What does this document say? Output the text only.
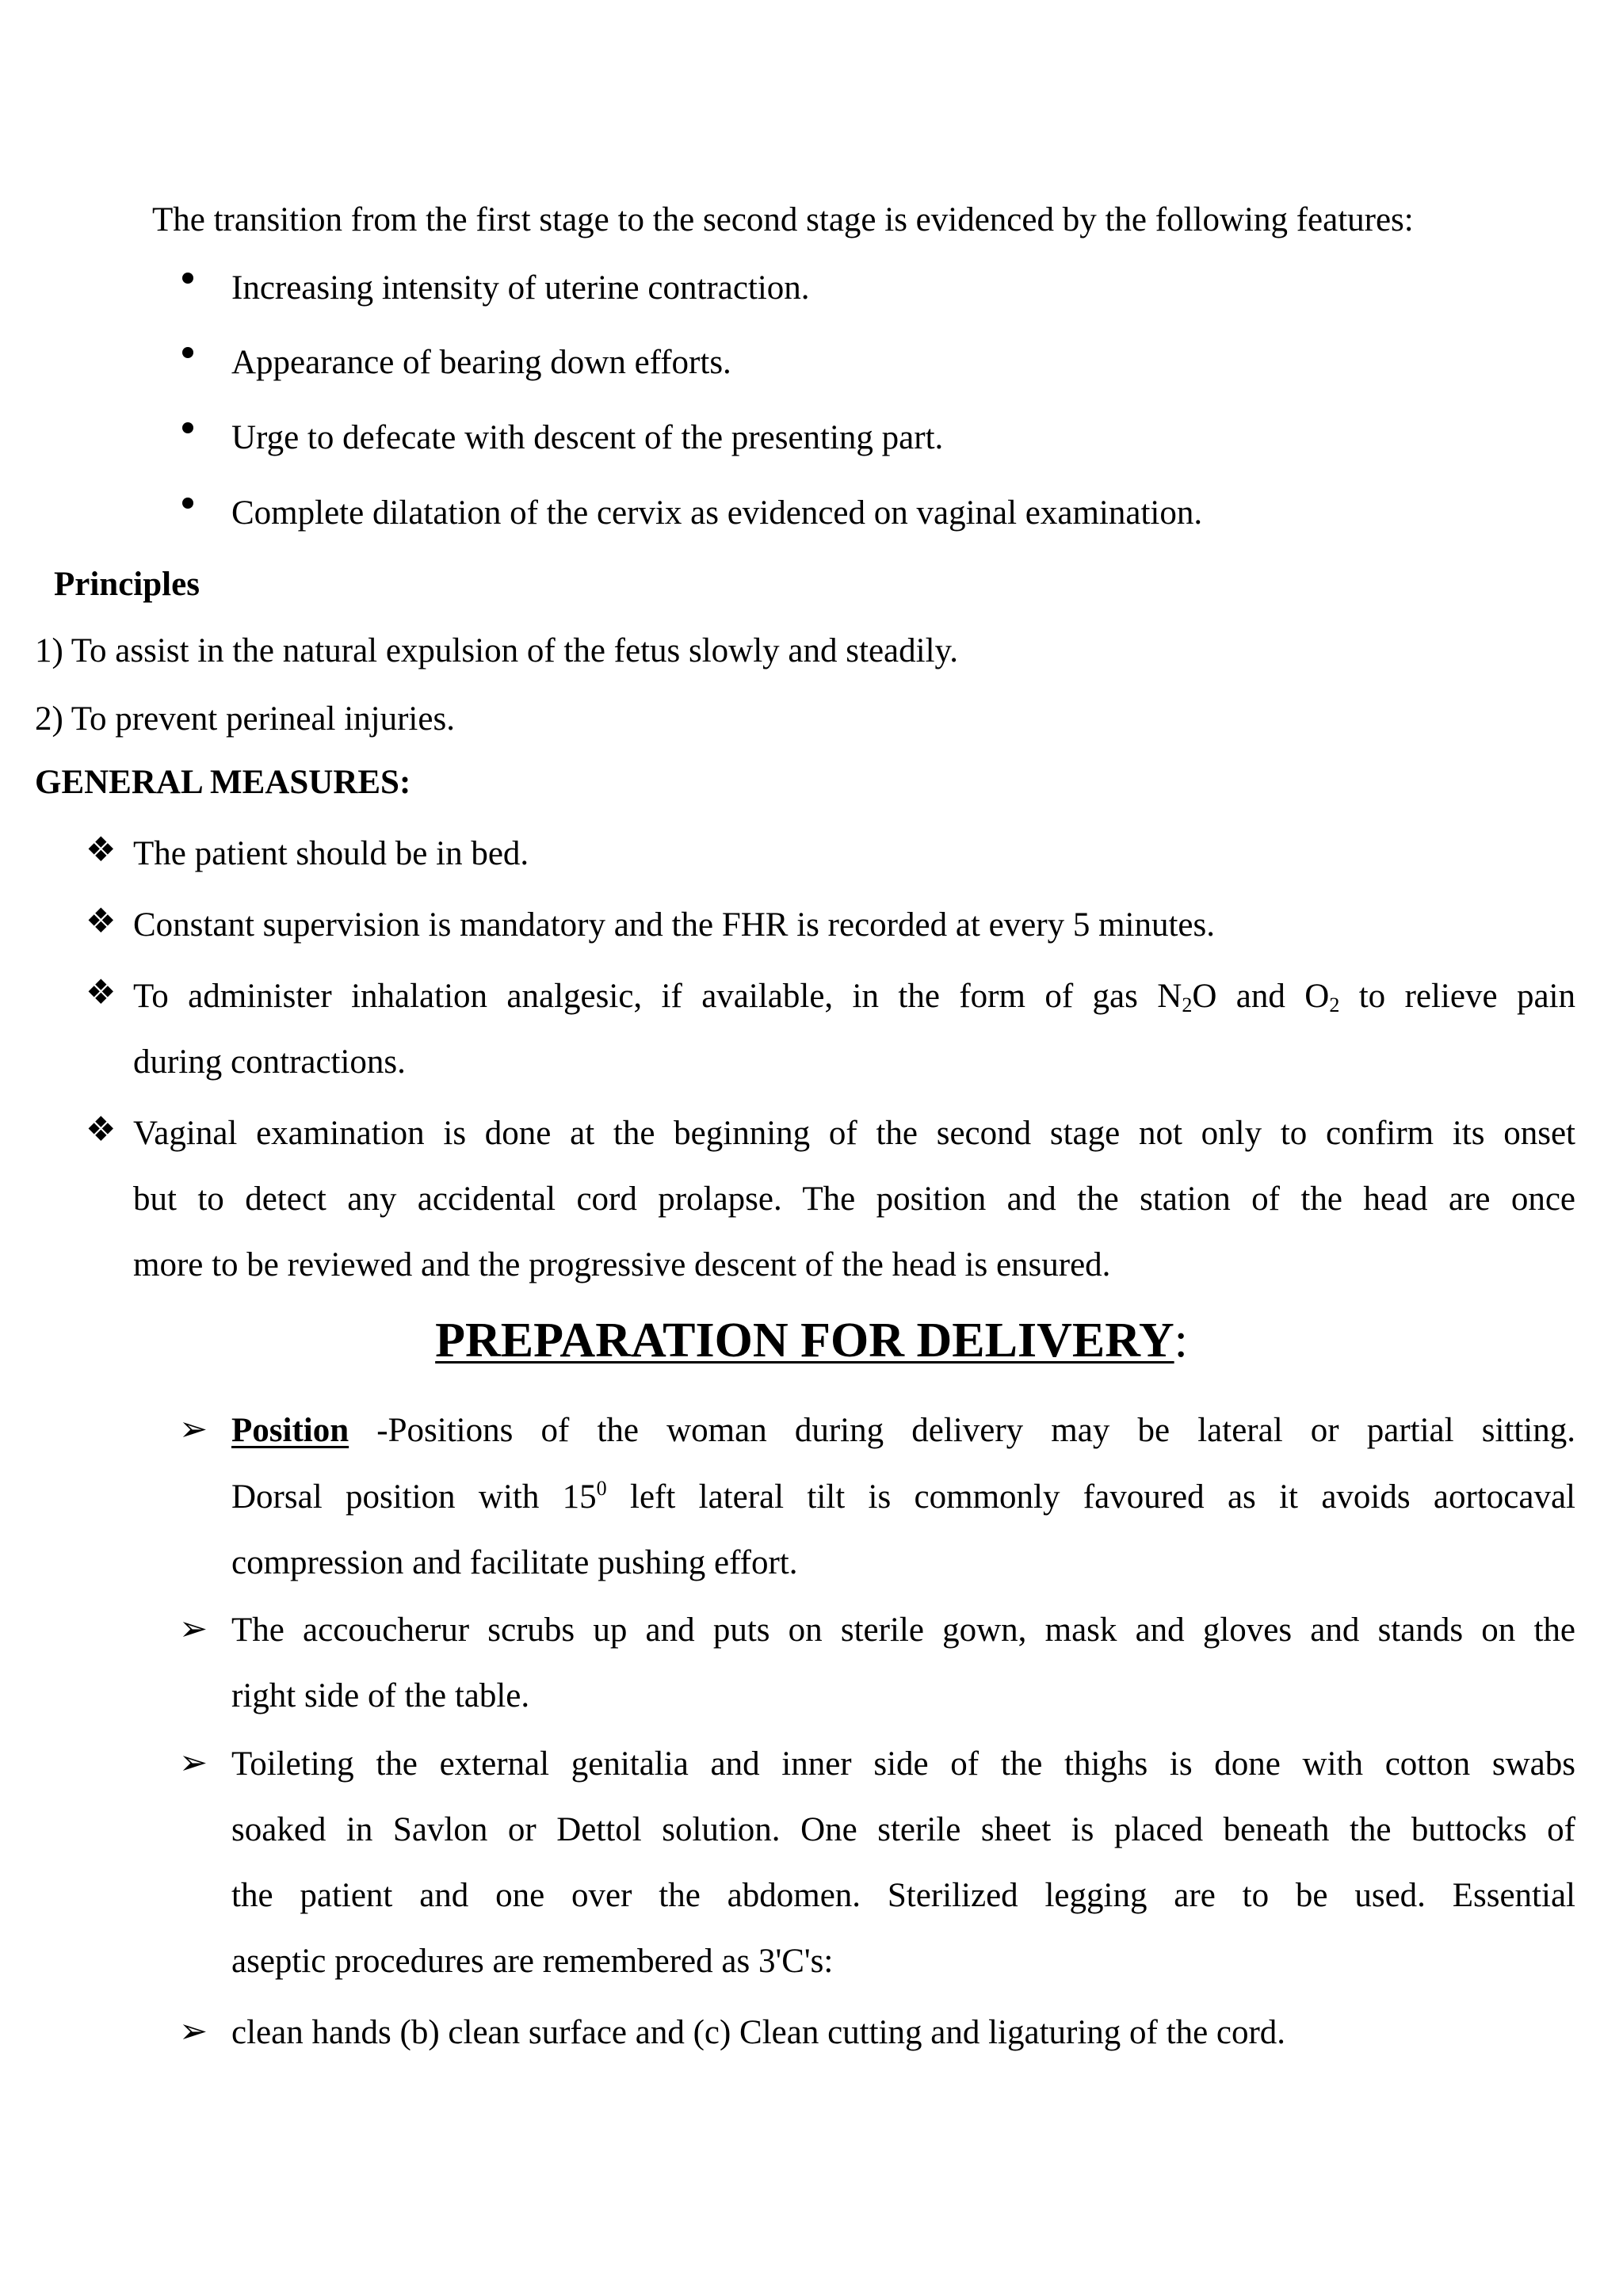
The transition from the first stage to the second stage is evidenced by the following features:
Increasing intensity of uterine contraction.
Appearance of bearing down efforts.
Urge to defecate with descent of the presenting part.
Complete dilatation of the cervix as evidenced on vaginal examination.
Principles
1) To assist in the natural expulsion of the fetus slowly and steadily.
2) To prevent perineal injuries.
GENERAL MEASURES:
❖ The patient should be in bed.
❖ Constant supervision is mandatory and the FHR is recorded at every 5 minutes.
❖ To administer inhalation analgesic, if available, in the form of gas $N_2O$ and $O_2$ to relieve pain
during contractions.
❖ Vaginal examination is done at the beginning of the second stage not only to confirm its onset
but to detect any accidental cord prolapse. The position and the station of the head are once
more to be reviewed and the progressive descent of the head is ensured.
PREPARATION FOR DELIVERY:
➢ Position -Positions of the woman during delivery may be lateral or partial sitting.
Dorsal position with $15^0$ left lateral tilt is commonly favoured as it avoids aortocaval
compression and facilitate pushing effort.
➢ The accoucherur scrubs up and puts on sterile gown, mask and gloves and stands on the
right side of the table.
➢ Toileting the external genitalia and inner side of the thighs is done with cotton swabs
soaked in Savlon or Dettol solution. One sterile sheet is placed beneath the buttocks of
the patient and one over the abdomen. Sterilized legging are to be used. Essential
aseptic procedures are remembered as 3'C's:
➢ clean hands (b) clean surface and (c) Clean cutting and ligaturing of the cord.
